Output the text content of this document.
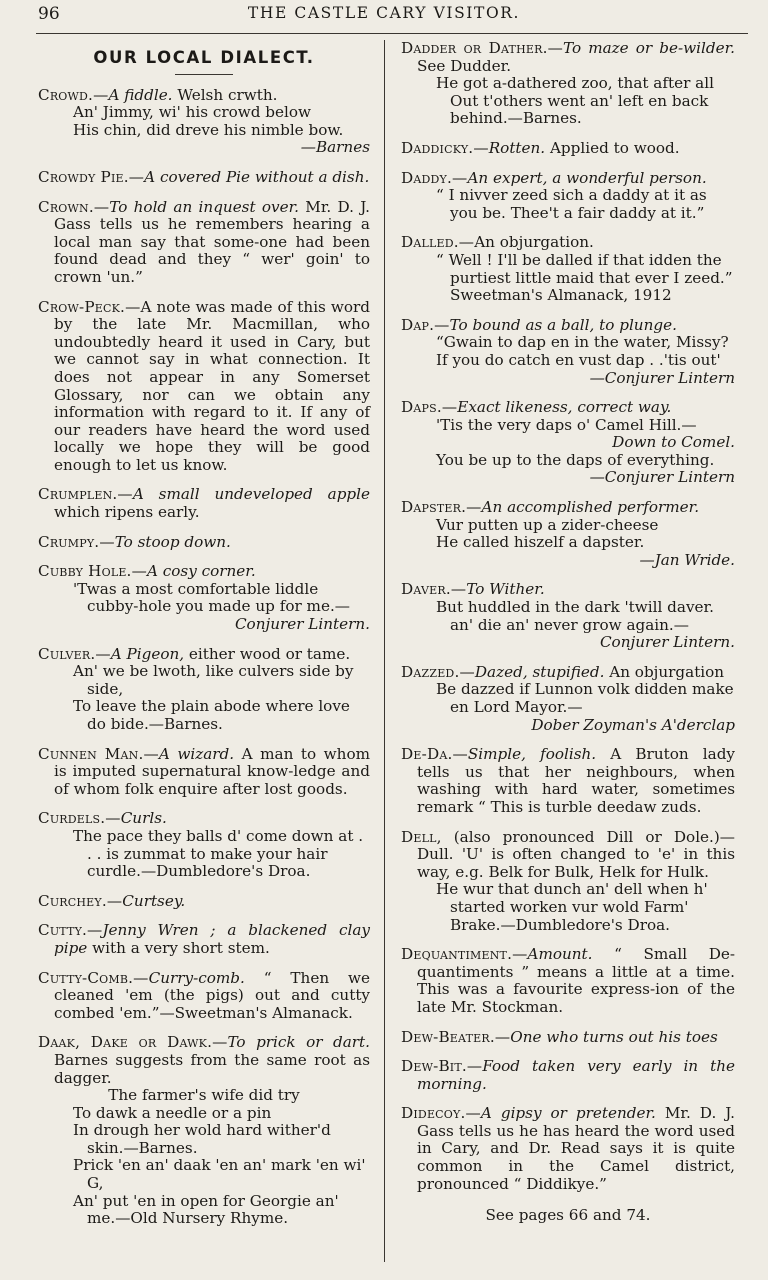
96	THE CASTLE CARY VISITOR.
OUR LOCAL DIALECT.
Crowd.—A fiddle. Welsh crwth.
An' Jimmy, wi' his crowd below
His chin, did dreve his nimble bow.
—Barnes
Crowdy Pie.—A covered Pie without a dish.
Crown.—To hold an inquest over. Mr. D. J. Gass tells us he remembers hearing a local man say that some-one had been found dead and they “ wer' goin' to crown 'un.”
Crow-Peck.—A note was made of this word by the late Mr. Macmillan, who undoubtedly heard it used in Cary, but we cannot say in what connection. It does not appear in any Somerset Glossary, nor can we obtain any information with regard to it. If any of our readers have heard the word used locally we hope they will be good enough to let us know.
Crumplen.—A small undeveloped apple which ripens early.
Crumpy.—To stoop down.
Cubby Hole.—A cosy corner.
'Twas a most comfortable liddle cubby-hole you made up for me.—
Conjurer Lintern.
Culver.—A Pigeon, either wood or tame.
An' we be lwoth, like culvers side by side,
To leave the plain abode where love do bide.—Barnes.
Cunnen Man.—A wizard. A man to whom is imputed supernatural know-ledge and of whom folk enquire after lost goods.
Curdels.—Curls.
The pace they balls d' come down at . . . is zummat to make your hair curdle.—Dumbledore's Droa.
Curchey.—Curtsey.
Cutty.—Jenny Wren ; a blackened clay pipe with a very short stem.
Cutty-Comb.—Curry-comb. “ Then we cleaned 'em (the pigs) out and cutty combed 'em.”—Sweetman's Almanack.
Daak, Dake or Dawk.—To prick or dart. Barnes suggests from the same root as dagger.
The farmer's wife did try
To dawk a needle or a pin
In drough her wold hard wither'd skin.—Barnes.
Prick 'en an' daak 'en an' mark 'en wi' G,
An' put 'en in open for Georgie an' me.—Old Nursery Rhyme.
Dadder or Dather.—To maze or be-wilder. See Dudder.
He got a-dathered zoo, that after all Out t'others went an' left en back behind.—Barnes.
Daddicky.—Rotten. Applied to wood.
Daddy.—An expert, a wonderful person.
“ I nivver zeed sich a daddy at it as you be. Thee't a fair daddy at it.”
Dalled.—An objurgation.
“ Well ! I'll be dalled if that idden the purtiest little maid that ever I zeed.” Sweetman's Almanack, 1912
Dap.—To bound as a ball, to plunge.
“Gwain to dap en in the water, Missy?
If you do catch en vust dap . .'tis out'
—Conjurer Lintern
Daps.—Exact likeness, correct way.
'Tis the very daps o' Camel Hill.—
Down to Comel.
You be up to the daps of everything.
—Conjurer Lintern
Dapster.—An accomplished performer.
Vur putten up a zider-cheese
He called hiszelf a dapster.
—Jan Wride.
Daver.—To Wither.
But huddled in the dark 'twill daver. an' die an' never grow again.—
Conjurer Lintern.
Dazzed.—Dazed, stupified. An objurgation
Be dazzed if Lunnon volk didden make en Lord Mayor.—
Dober Zoyman's A'derclap
De-Da.—Simple, foolish. A Bruton lady tells us that her neighbours, when washing with hard water, sometimes remark “ This is turble deedaw zuds.
Dell, (also pronounced Dill or Dole.)— Dull. 'U' is often changed to 'e' in this way, e.g. Belk for Bulk, Helk for Hulk.
He wur that dunch an' dell when h' started worken vur wold Farm' Brake.—Dumbledore's Droa.
Dequantiment.—Amount. “ Small De-quantiments ” means a little at a time. This was a favourite express-ion of the late Mr. Stockman.
Dew-Beater.—One who turns out his toes
Dew-Bit.—Food taken very early in the morning.
Didecoy.—A gipsy or pretender. Mr. D. J. Gass tells us he has heard the word used in Cary, and Dr. Read says it is quite common in the Camel district, pronounced “ Diddikye.”
See pages 66 and 74.
